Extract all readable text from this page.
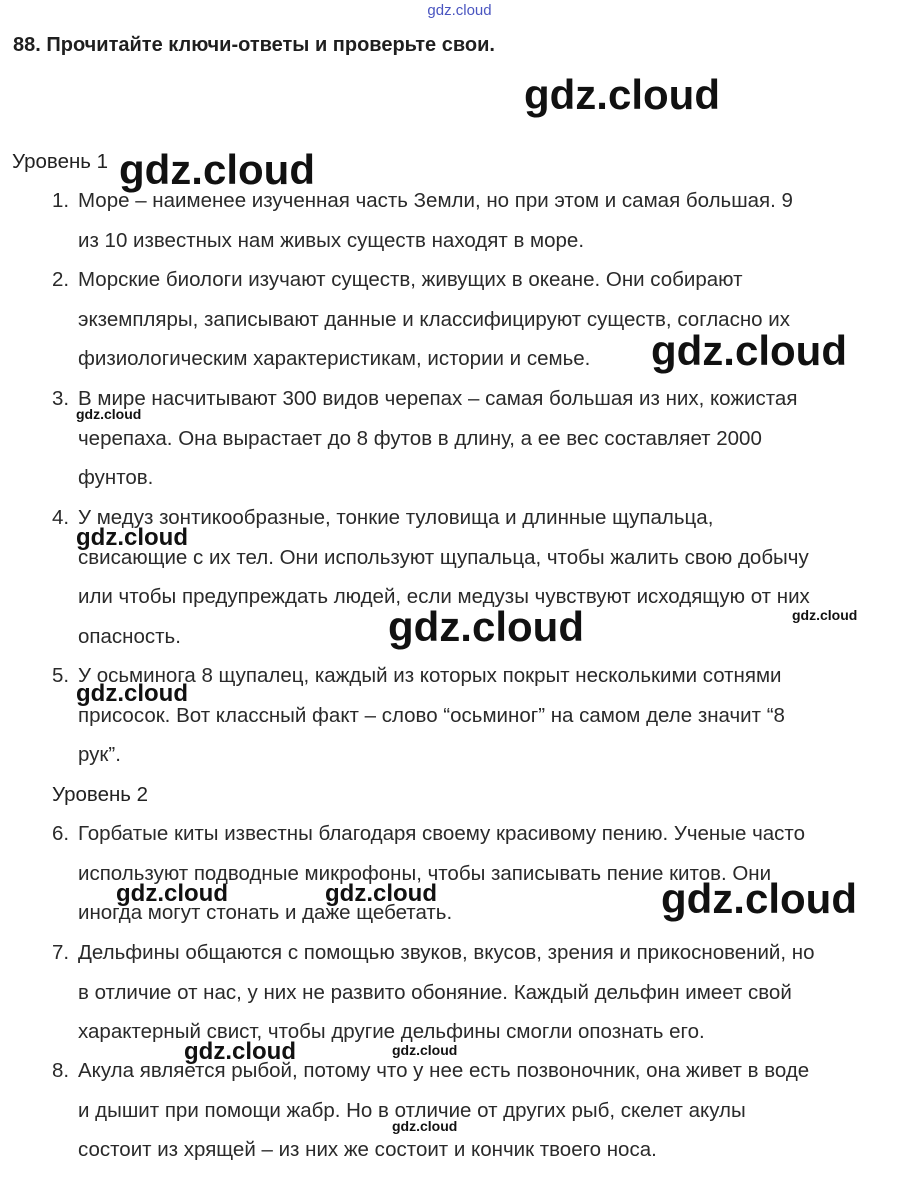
gdz.cloud
88. Прочитайте ключи-ответы и проверьте свои.
Уровень 1
1. Море – наименее изученная часть Земли, но при этом и самая большая. 9
из 10 известных нам живых существ находят в море.
2. Морские биологи изучают существ, живущих в океане. Они собирают
экземпляры, записывают данные и классифицируют существ, согласно их
физиологическим характеристикам, истории и семье.
3. В мире насчитывают 300 видов черепах – самая большая из них, кожистая
черепаха. Она вырастает до 8 футов в длину, а ее вес составляет 2000
фунтов.
4. У медуз зонтикообразные, тонкие туловища и длинные щупальца,
свисающие с их тел. Они используют щупальца, чтобы жалить свою добычу
или чтобы предупреждать людей, если медузы чувствуют исходящую от них
опасность.
5. У осьминога 8 щупалец, каждый из которых покрыт несколькими сотнями
присосок. Вот классный факт – слово “осьминог” на самом деле значит “8
рук”.
Уровень 2
6. Горбатые киты известны благодаря своему красивому пению. Ученые часто
используют подводные микрофоны, чтобы записывать пение китов. Они
иногда могут стонать и даже щебетать.
7. Дельфины общаются с помощью звуков, вкусов, зрения и прикосновений, но
в отличие от нас, у них не развито обоняние. Каждый дельфин имеет свой
характерный свист, чтобы другие дельфины смогли опознать его.
8. Акула является рыбой, потому что у нее есть позвоночник, она живет в воде
и дышит при помощи жабр. Но в отличие от других рыб, скелет акулы
состоит из хрящей – из них же состоит и кончик твоего носа.
gdz.cloud
gdz.cloud
gdz.cloud
gdz.cloud
gdz.cloud
gdz.cloud	gdz.cloud
gdz.cloud
gdz.cloud	gdz.cloud	gdz.cloud
gdz.cloud	gdz.cloud
gdz.cloud
